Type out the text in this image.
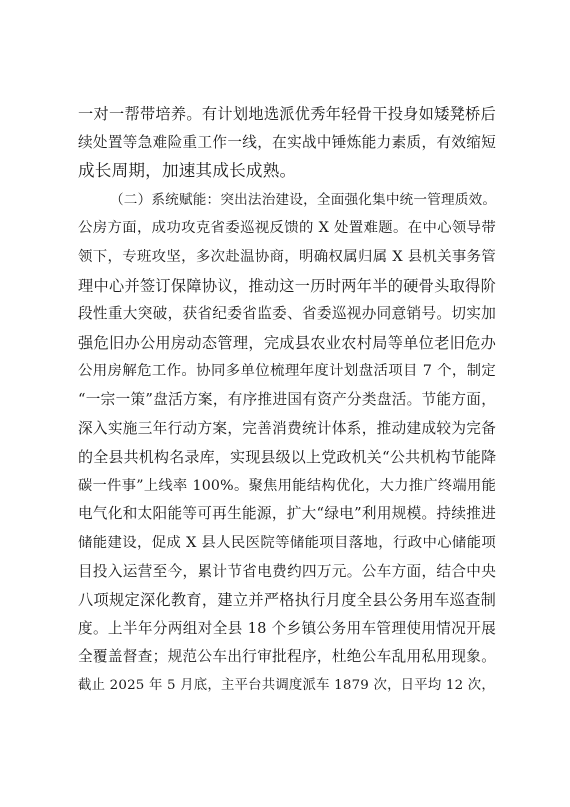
一对一帮带培养。有计划地选派优秀年轻骨干投身如矮凳桥后
续处置等急难险重工作一线，在实战中锤炼能力素质，有效缩短
成长周期，加速其成长成熟。
（二）系统赋能：突出法治建设，全面强化集中统一管理质效。
公房方面，成功攻克省委巡视反馈的 X 处置难题。在中心领导带
领下，专班攻坚，多次赴温协商，明确权属归属 X 县机关事务管
理中心并签订保障协议，推动这一历时两年半的硬骨头取得阶
段性重大突破，获省纪委省监委、省委巡视办同意销号。切实加
强危旧办公用房动态管理，完成县农业农村局等单位老旧危办
公用房解危工作。协同多单位梳理年度计划盘活项目 7 个，制定
“一宗一策”盘活方案，有序推进国有资产分类盘活。节能方面，
深入实施三年行动方案，完善消费统计体系，推动建成较为完备
的全县共机构名录库，实现县级以上党政机关“公共机构节能降
碳一件事”上线率 100%。聚焦用能结构优化，大力推广终端用能
电气化和太阳能等可再生能源，扩大“绿电”利用规模。持续推进
储能建设，促成 X 县人民医院等储能项目落地，行政中心储能项
目投入运营至今，累计节省电费约四万元。公车方面，结合中央
八项规定深化教育，建立并严格执行月度全县公务用车巡查制
度。上半年分两组对全县 18 个乡镇公务用车管理使用情况开展
全覆盖督查；规范公车出行审批程序，杜绝公车乱用私用现象。
截止 2025 年 5 月底，主平台共调度派车 1879 次，日平均 12 次，
